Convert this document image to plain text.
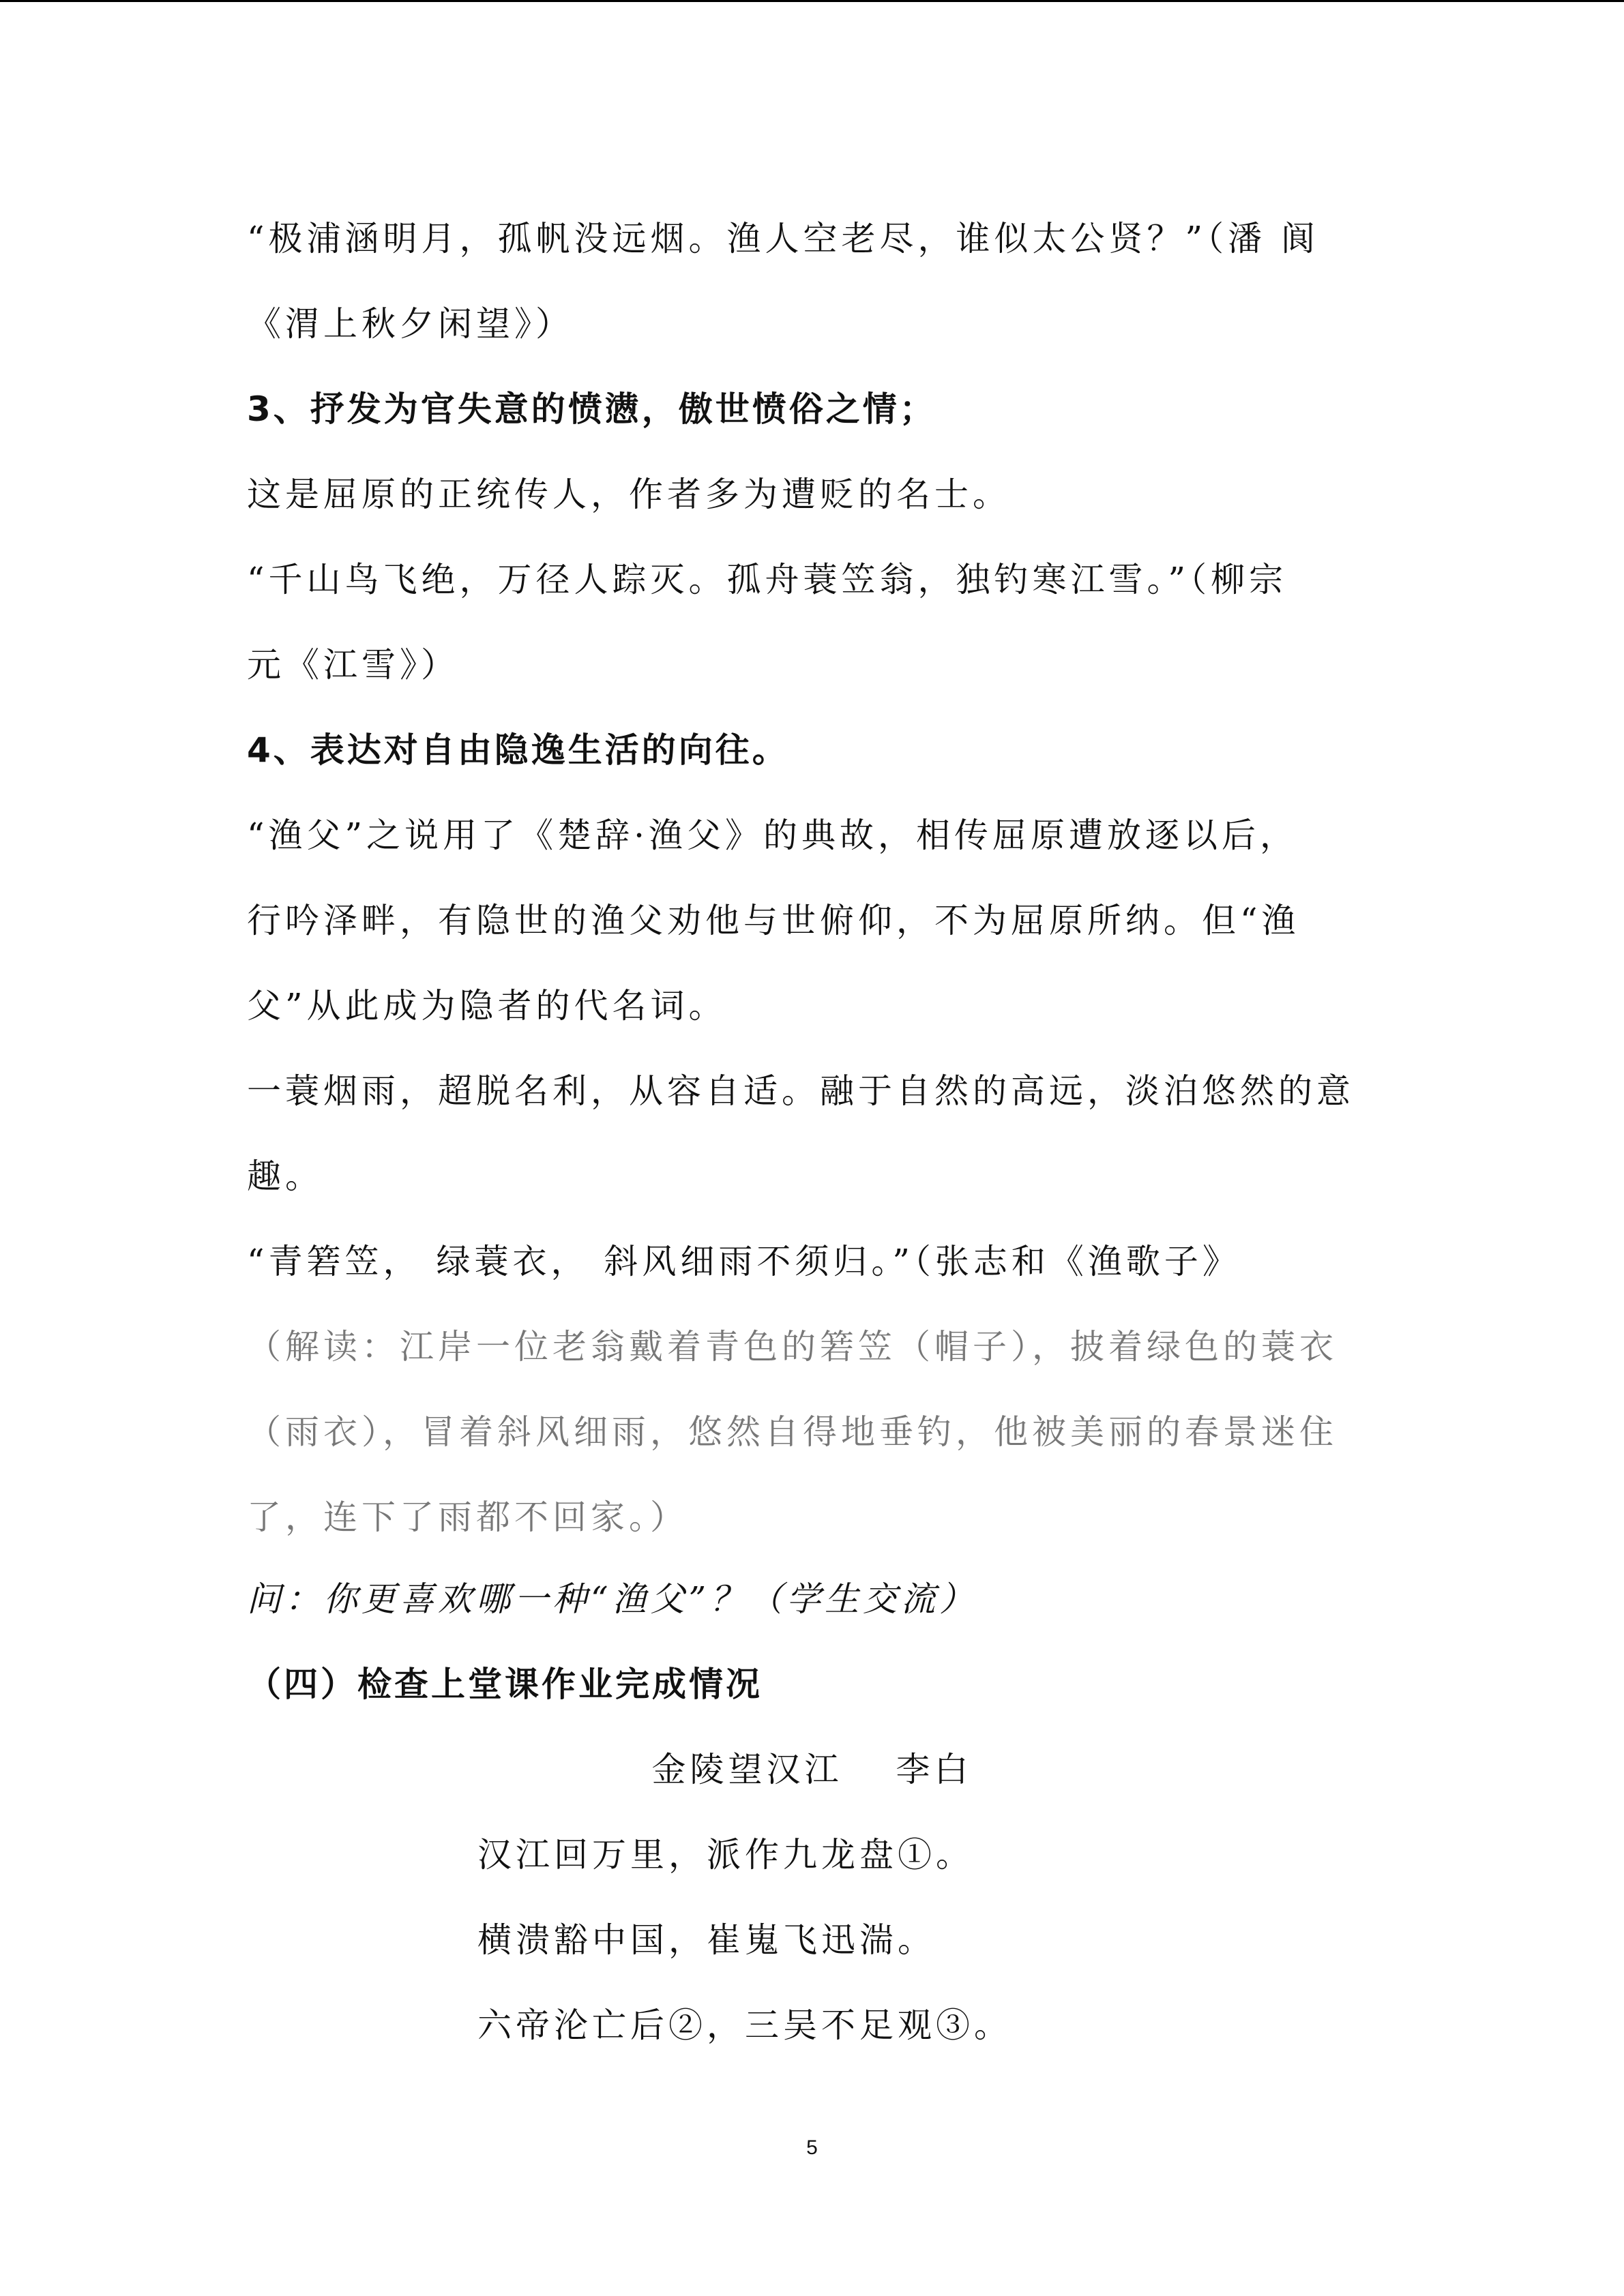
“极浦涵明月，孤帆没远烟。渔人空老尽，谁似太公贤？”（潘 阆
《渭上秋夕闲望》）
3、抒发为官失意的愤懑，傲世愤俗之情；
这是屈原的正统传人，作者多为遭贬的名士。
“千山鸟飞绝，万径人踪灭。孤舟蓑笠翁，独钓寒江雪。”（柳宗
元《江雪》）
4、表达对自由隐逸生活的向往。
“渔父”之说用了《楚辞·渔父》的典故，相传屈原遭放逐以后，
行吟泽畔，有隐世的渔父劝他与世俯仰，不为屈原所纳。但“渔
父”从此成为隐者的代名词。
一蓑烟雨，超脱名利，从容自适。融于自然的高远，淡泊悠然的意
趣。
“青箬笠， 绿蓑衣， 斜风细雨不须归。”（张志和《渔歌子》
（解读：江岸一位老翁戴着青色的箬笠（帽子），披着绿色的蓑衣
（雨衣），冒着斜风细雨，悠然自得地垂钓，他被美丽的春景迷住
了，连下了雨都不回家。）
问：你更喜欢哪一种“渔父”？（学生交流）
（四）检查上堂课作业完成情况
金陵望汉江　 李白
汉江回万里，派作九龙盘①。
横溃豁中国，崔嵬飞迅湍。
六帝沦亡后②，三吴不足观③。
5
